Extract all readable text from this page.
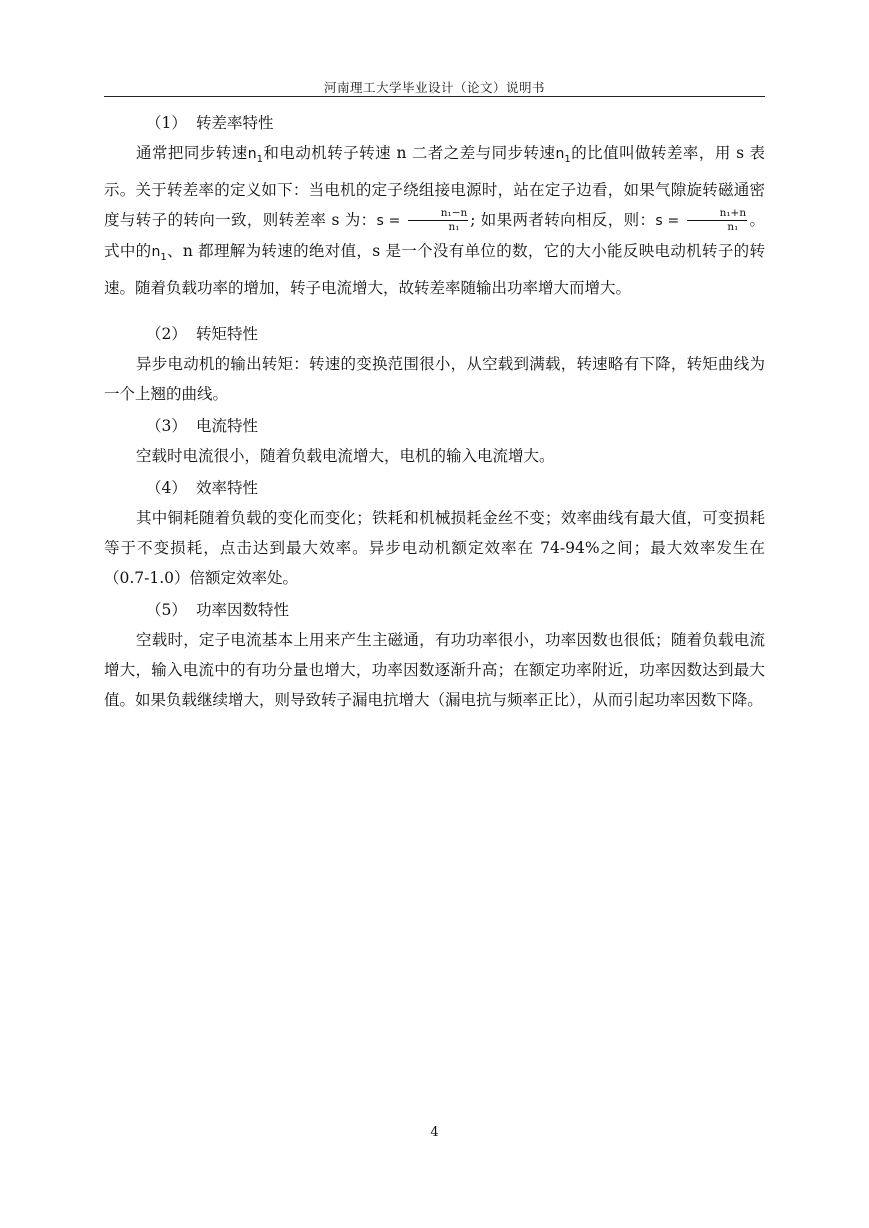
河南理工大学毕业设计（论文）说明书
（1） 转差率特性
通常把同步转速$n_1$和电动机转子转速 n 二者之差与同步转速$n_1$的比值叫做转差率，用 s 表示。关于转差率的定义如下：当电机的定子绕组接电源时，站在定子边看，如果气隙旋转磁通密度与转子的转向一致，则转差率 s 为：$s = \frac{\text{n₁−n}}{\text{n₁}}$ ; 如果两者转向相反，则：$s = \frac{\text{n₁+n}}{\text{n₁}}$ 。式中的$n_1$、n 都理解为转速的绝对值，s 是一个没有单位的数，它的大小能反映电动机转子的转速。随着负载功率的增加，转子电流增大，故转差率随输出功率增大而增大。
（2） 转矩特性
异步电动机的输出转矩：转速的变换范围很小，从空载到满载，转速略有下降，转矩曲线为一个上翘的曲线。
（3） 电流特性
空载时电流很小，随着负载电流增大，电机的输入电流增大。
（4） 效率特性
其中铜耗随着负载的变化而变化；铁耗和机械损耗金丝不变；效率曲线有最大值，可变损耗等于不变损耗，点击达到最大效率。异步电动机额定效率在 74-94%之间；最大效率发生在（0.7-1.0）倍额定效率处。
（5） 功率因数特性
空载时，定子电流基本上用来产生主磁通，有功功率很小，功率因数也很低；随着负载电流增大，输入电流中的有功分量也增大，功率因数逐渐升高；在额定功率附近，功率因数达到最大值。如果负载继续增大，则导致转子漏电抗增大（漏电抗与频率正比），从而引起功率因数下降。
4
